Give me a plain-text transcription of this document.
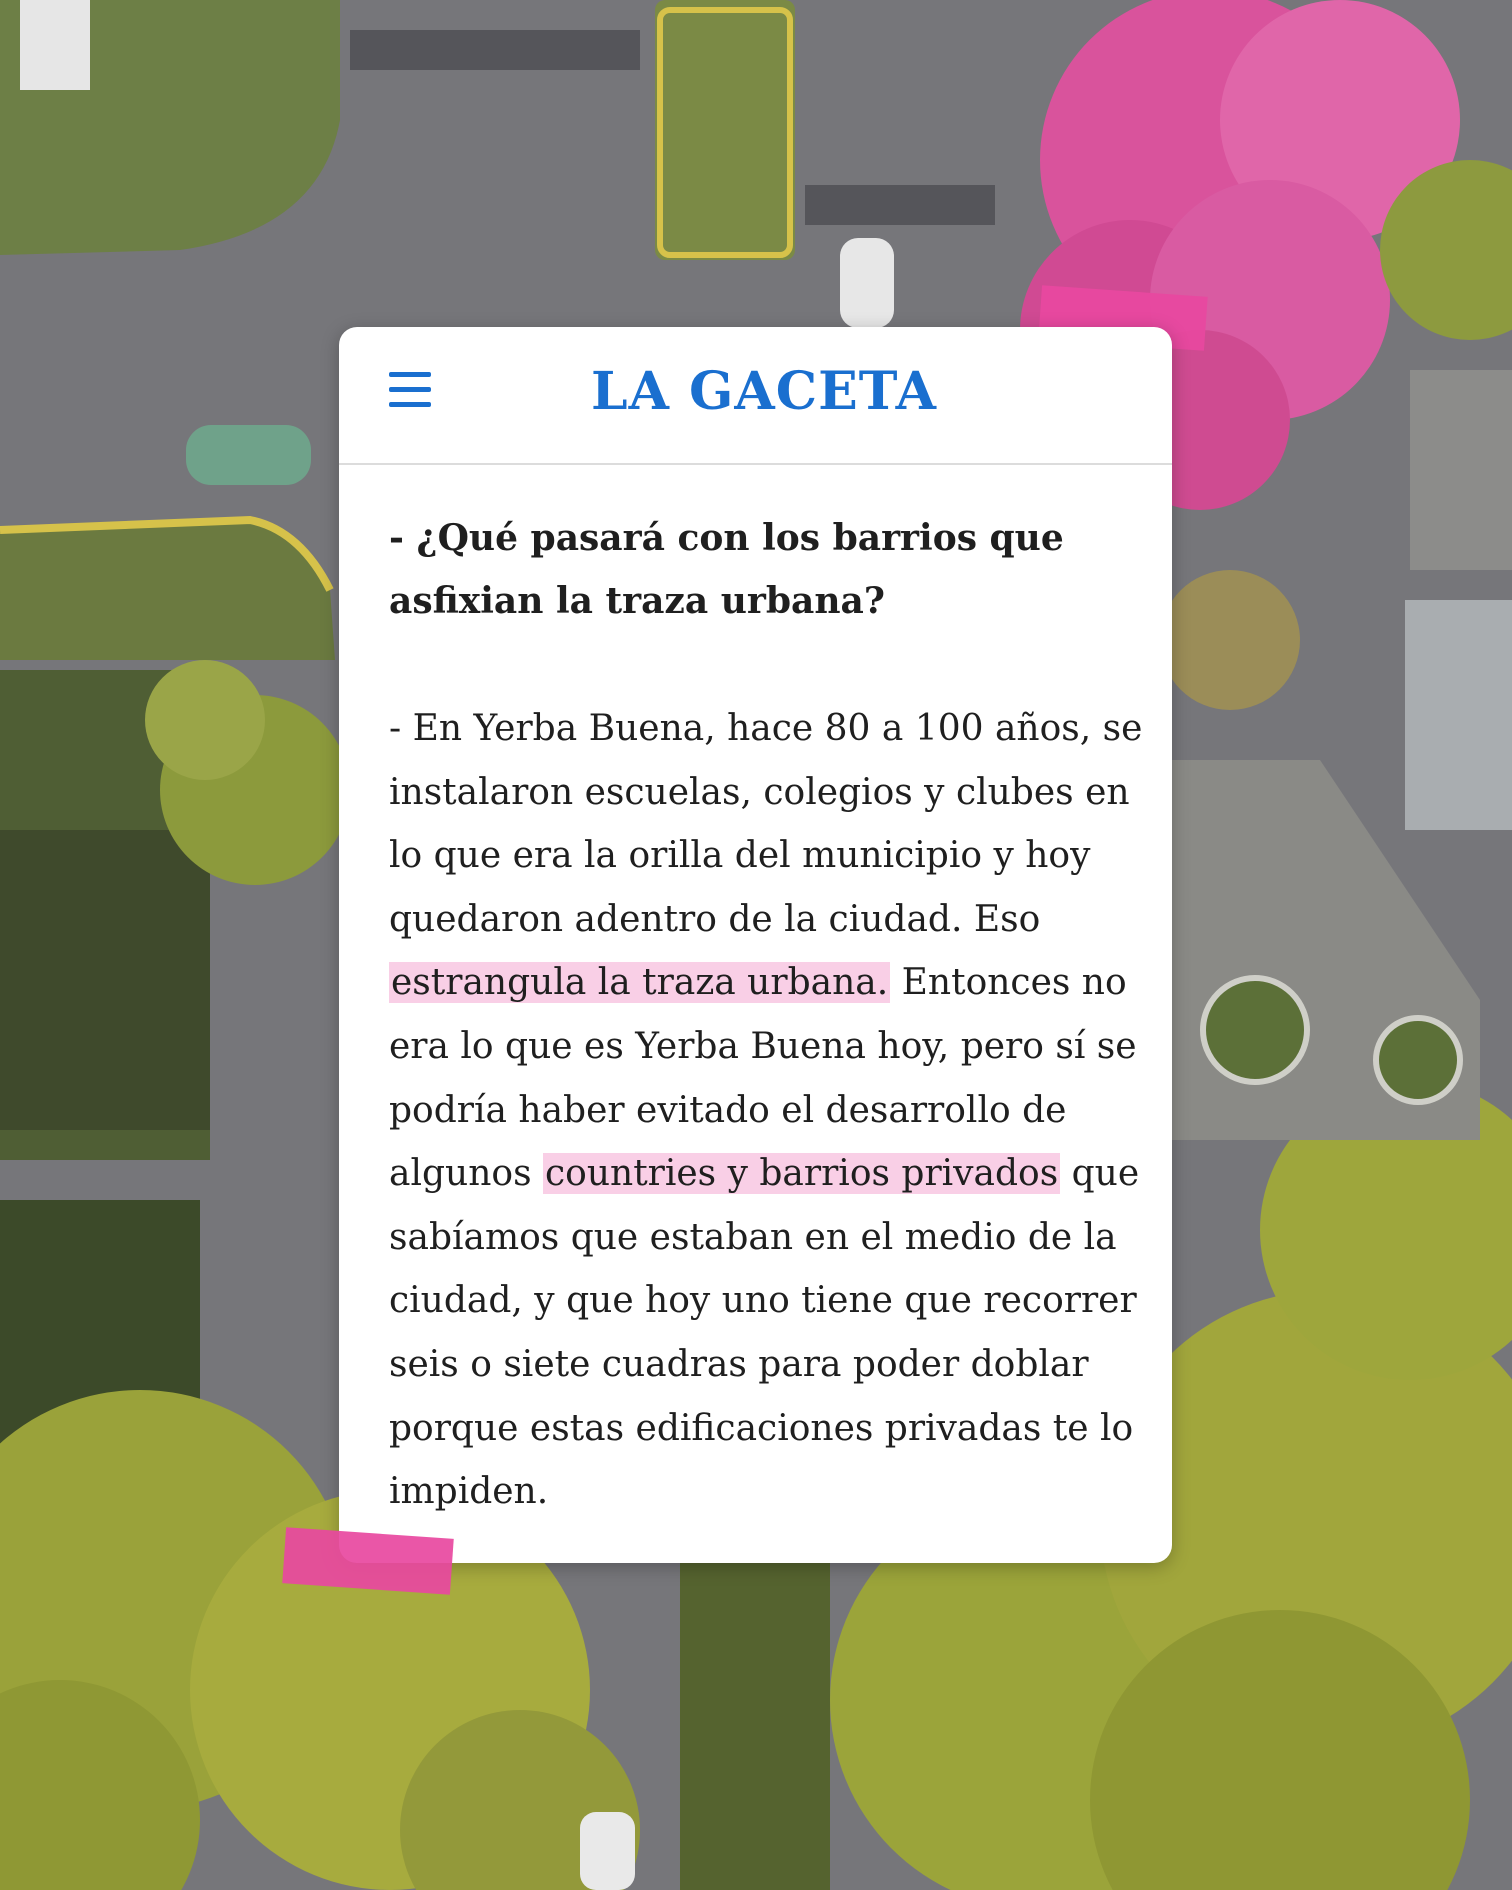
LA GACETA

- ¿Qué pasará con los barrios que asfixian la traza urbana?

- En Yerba Buena, hace 80 a 100 años, se instalaron escuelas, colegios y clubes en lo que era la orilla del municipio y hoy quedaron adentro de la ciudad. Eso estrangula la traza urbana. Entonces no era lo que es Yerba Buena hoy, pero sí se podría haber evitado el desarrollo de algunos countries y barrios privados que sabíamos que estaban en el medio de la ciudad, y que hoy uno tiene que recorrer seis o siete cuadras para poder doblar porque estas edificaciones privadas te lo impiden.
